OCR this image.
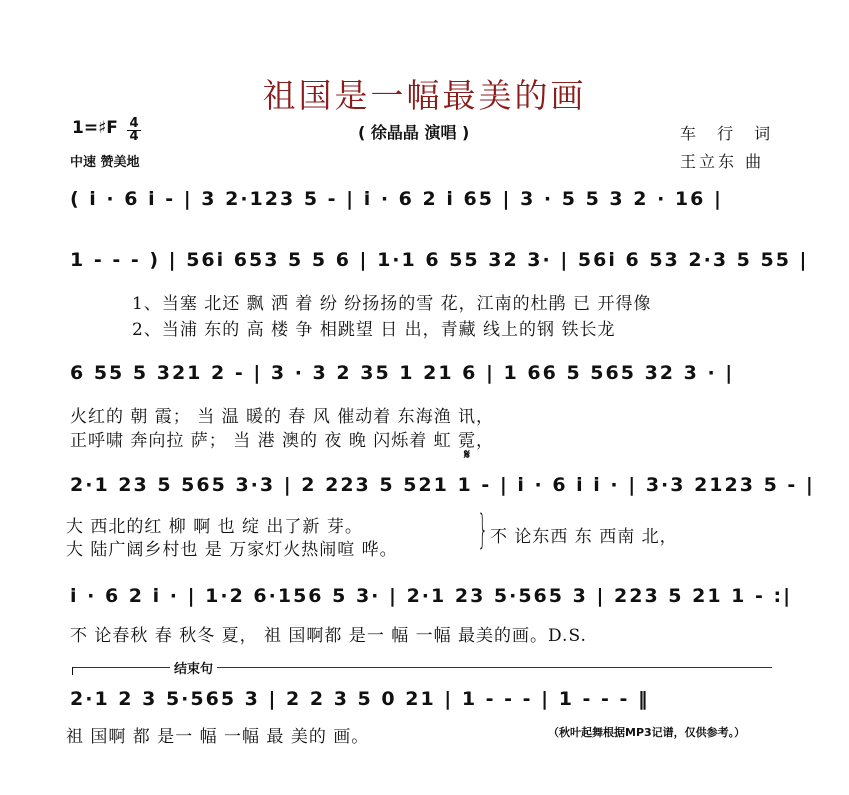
祖国是一幅最美的画
1=♯F $\frac{4}{4}$
中速 赞美地
( 徐晶晶 演唱 )	车 行 词
王立东 曲
( i · 6 i - | 3 2·123 5 - | i · 6 2 i 65 | 3 · 5 5 3 2 · 16 |
1 - - - ) | 56i 653 5 5 6 | 1·1 6 55 32 3· | 56i 6 53 2·3 5 55 |
1、当塞 北还 飘 洒 着 纷 纷扬扬的雪 花，江南的杜鹃 已 开得像
2、当浦 东的 高 楼 争 相跳望 日 出，青藏 线上的钢 铁长龙
6 55 5 321 2 - | 3 · 3 2 35 1 21 6 | 1 66 5 565 32 3 · |
火红的 朝 霞； 当 温 暖的 春 风 催动着 东海渔 讯，
正呼啸 奔向拉 萨； 当 港 澳的 夜 晚 闪烁着 虹 霓，
𝄋
2·1 23 5 565 3·3 | 2 223 5 521 1 - | i · 6 i i · | 3·3 2123 5 - |
大 西北的红 柳 啊 也 绽 出了新 芽。
大 陆广阔乡村也 是 万家灯火热闹喧 哗。 } 不 论东西 东 西南 北，
i · 6 2 i · | 1·2 6·156 5 3· | 2·1 23 5·565 3 | 223 5 21 1 - :|
不 论春秋 春 秋冬 夏， 祖 国啊都 是一 幅 一幅 最美的画。D.S.
结束句
2·1 2 3 5·565 3 | 2 2 3 5 0 21 | 1 - - - | 1 - - - ‖
祖 国啊 都 是一 幅 一幅 最 美的 画。	（秋叶起舞根据MP3记谱，仅供参考。）
